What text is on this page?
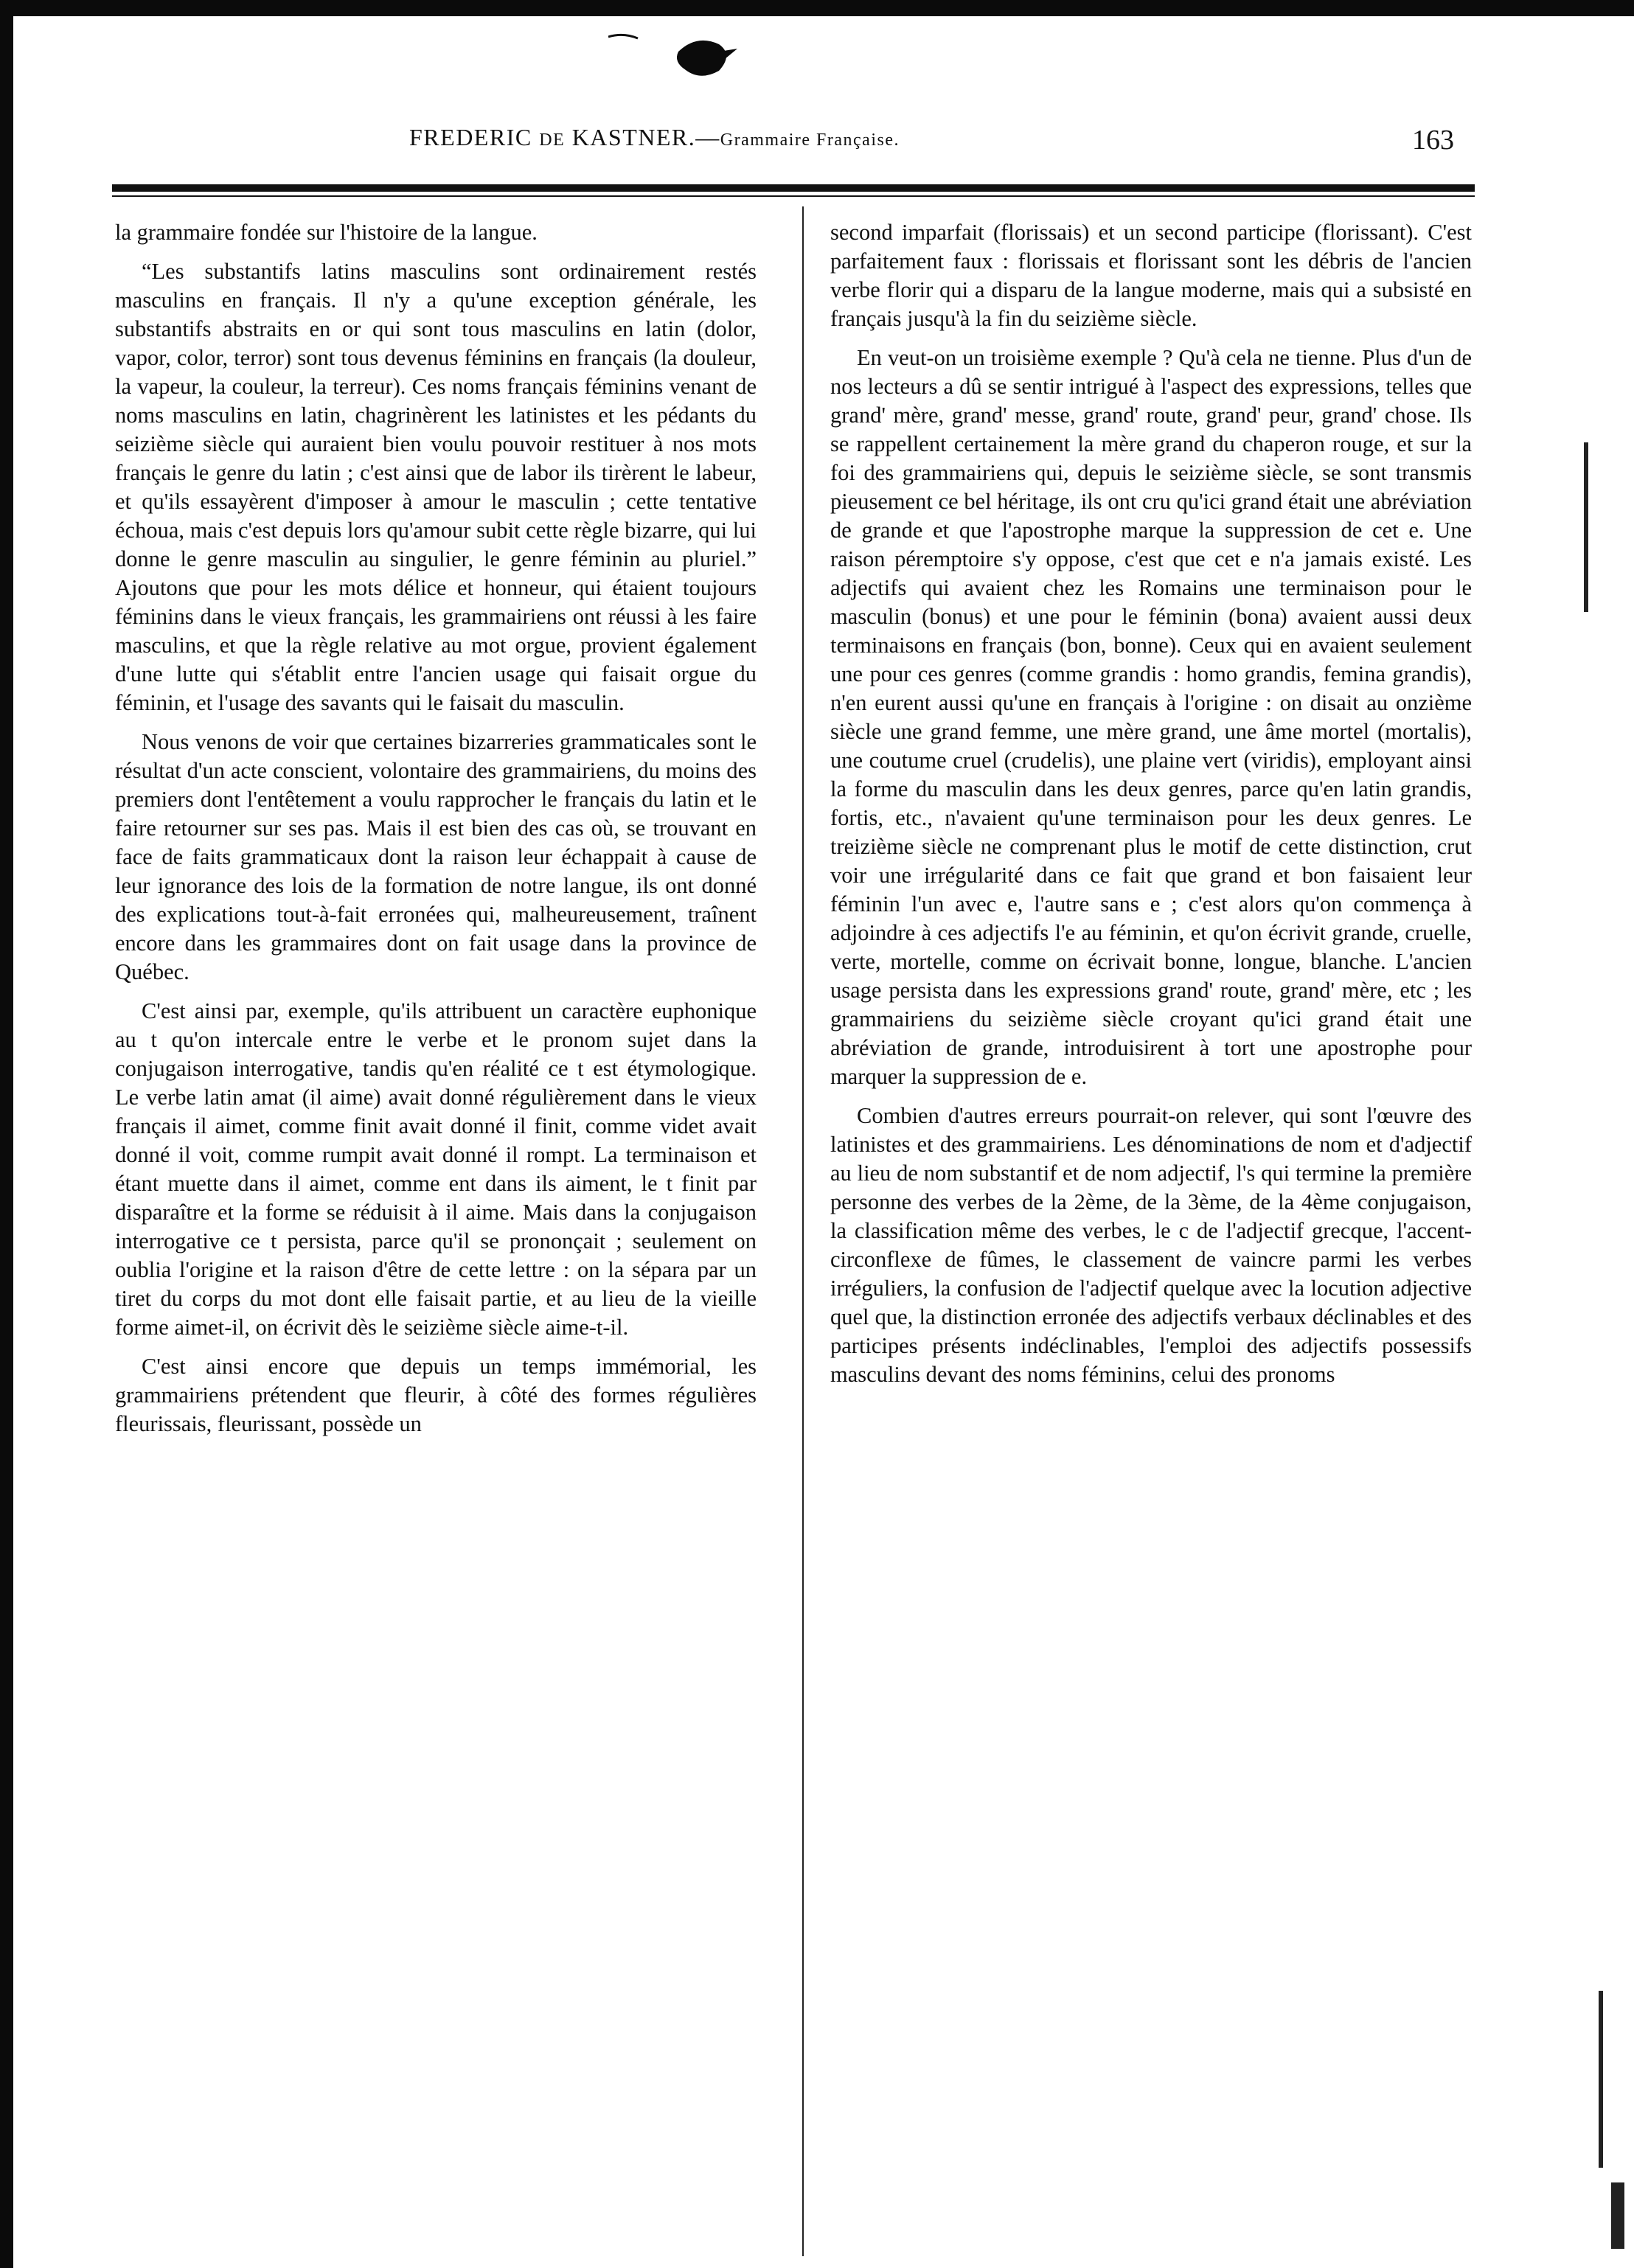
FREDERIC DE KASTNER.—Grammaire Française.	163

la grammaire fondée sur l'histoire de la langue.

“Les substantifs latins masculins sont ordinairement restés masculins en français. Il n'y a qu'une exception générale, les substantifs abstraits en or qui sont tous masculins en latin (dolor, vapor, color, terror) sont tous devenus féminins en français (la douleur, la vapeur, la couleur, la terreur). Ces noms français féminins venant de noms masculins en latin, chagrinèrent les latinistes et les pédants du seizième siècle qui auraient bien voulu pouvoir restituer à nos mots français le genre du latin ; c'est ainsi que de labor ils tirèrent le labeur, et qu'ils essayèrent d'imposer à amour le masculin ; cette tentative échoua, mais c'est depuis lors qu'amour subit cette règle bizarre, qui lui donne le genre masculin au singulier, le genre féminin au pluriel.” Ajoutons que pour les mots délice et honneur, qui étaient toujours féminins dans le vieux français, les grammairiens ont réussi à les faire masculins, et que la règle relative au mot orgue, provient également d'une lutte qui s'établit entre l'ancien usage qui faisait orgue du féminin, et l'usage des savants qui le faisait du masculin.

Nous venons de voir que certaines bizarreries grammaticales sont le résultat d'un acte conscient, volontaire des grammairiens, du moins des premiers dont l'entêtement a voulu rapprocher le français du latin et le faire retourner sur ses pas. Mais il est bien des cas où, se trouvant en face de faits grammaticaux dont la raison leur échappait à cause de leur ignorance des lois de la formation de notre langue, ils ont donné des explications tout-à-fait erronées qui, malheureusement, traînent encore dans les grammaires dont on fait usage dans la province de Québec.

C'est ainsi par, exemple, qu'ils attribuent un caractère euphonique au t qu'on intercale entre le verbe et le pronom sujet dans la conjugaison interrogative, tandis qu'en réalité ce t est étymologique. Le verbe latin amat (il aime) avait donné régulièrement dans le vieux français il aimet, comme finit avait donné il finit, comme videt avait donné il voit, comme rumpit avait donné il rompt. La terminaison et étant muette dans il aimet, comme ent dans ils aiment, le t finit par disparaître et la forme se réduisit à il aime. Mais dans la conjugaison interrogative ce t persista, parce qu'il se prononçait ; seulement on oublia l'origine et la raison d'être de cette lettre : on la sépara par un tiret du corps du mot dont elle faisait partie, et au lieu de la vieille forme aimet-il, on écrivit dès le seizième siècle aime-t-il.

C'est ainsi encore que depuis un temps immémorial, les grammairiens prétendent que fleurir, à côté des formes régulières fleurissais, fleurissant, possède un

second imparfait (florissais) et un second participe (florissant). C'est parfaitement faux : florissais et florissant sont les débris de l'ancien verbe florir qui a disparu de la langue moderne, mais qui a subsisté en français jusqu'à la fin du seizième siècle.

En veut-on un troisième exemple ? Qu'à cela ne tienne. Plus d'un de nos lecteurs a dû se sentir intrigué à l'aspect des expressions, telles que grand' mère, grand' messe, grand' route, grand' peur, grand' chose. Ils se rappellent certainement la mère grand du chaperon rouge, et sur la foi des grammairiens qui, depuis le seizième siècle, se sont transmis pieusement ce bel héritage, ils ont cru qu'ici grand était une abréviation de grande et que l'apostrophe marque la suppression de cet e. Une raison péremptoire s'y oppose, c'est que cet e n'a jamais existé. Les adjectifs qui avaient chez les Romains une terminaison pour le masculin (bonus) et une pour le féminin (bona) avaient aussi deux terminaisons en français (bon, bonne). Ceux qui en avaient seulement une pour ces genres (comme grandis : homo grandis, femina grandis), n'en eurent aussi qu'une en français à l'origine : on disait au onzième siècle une grand femme, une mère grand, une âme mortel (mortalis), une coutume cruel (crudelis), une plaine vert (viridis), employant ainsi la forme du masculin dans les deux genres, parce qu'en latin grandis, fortis, etc., n'avaient qu'une terminaison pour les deux genres. Le treizième siècle ne comprenant plus le motif de cette distinction, crut voir une irrégularité dans ce fait que grand et bon faisaient leur féminin l'un avec e, l'autre sans e ; c'est alors qu'on commença à adjoindre à ces adjectifs l'e au féminin, et qu'on écrivit grande, cruelle, verte, mortelle, comme on écrivait bonne, longue, blanche. L'ancien usage persista dans les expressions grand' route, grand' mère, etc ; les grammairiens du seizième siècle croyant qu'ici grand était une abréviation de grande, introduisirent à tort une apostrophe pour marquer la suppression de e.

Combien d'autres erreurs pourrait-on relever, qui sont l'œuvre des latinistes et des grammairiens. Les dénominations de nom et d'adjectif au lieu de nom substantif et de nom adjectif, l's qui termine la première personne des verbes de la 2ème, de la 3ème, de la 4ème conjugaison, la classification même des verbes, le c de l'adjectif grecque, l'accent-circonflexe de fûmes, le classement de vaincre parmi les verbes irréguliers, la confusion de l'adjectif quelque avec la locution adjective quel que, la distinction erronée des adjectifs verbaux déclinables et des participes présents indéclinables, l'emploi des adjectifs possessifs masculins devant des noms féminins, celui des pronoms
